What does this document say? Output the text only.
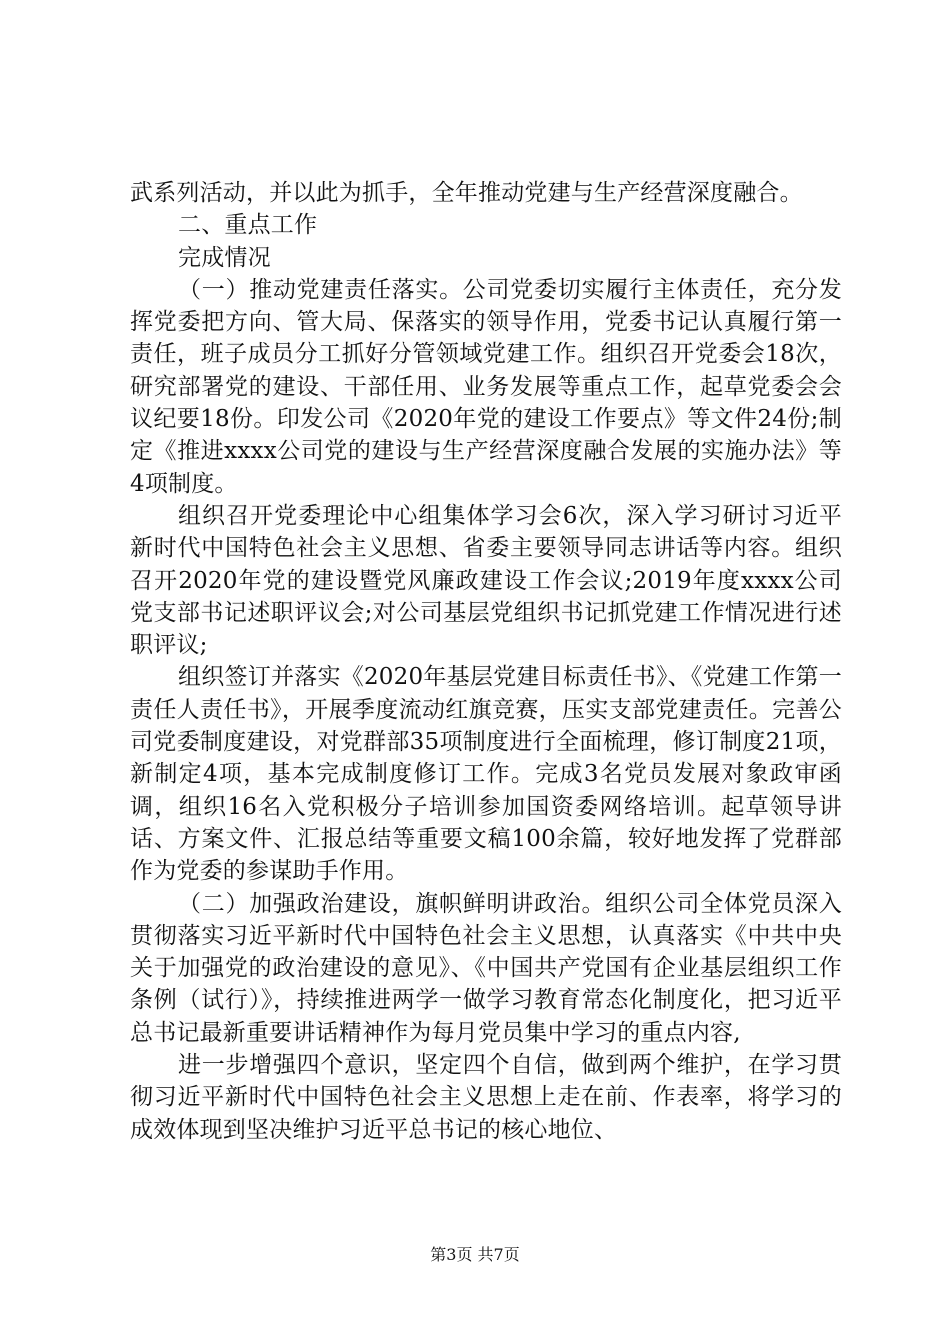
武系列活动，并以此为抓手，全年推动党建与生产经营深度融合。

二、重点工作

完成情况

（一）推动党建责任落实。公司党委切实履行主体责任，充分发挥党委把方向、管大局、保落实的领导作用，党委书记认真履行第一责任，班子成员分工抓好分管领域党建工作。组织召开党委会18次，研究部署党的建设、干部任用、业务发展等重点工作，起草党委会会议纪要18份。印发公司《2020年党的建设工作要点》等文件24份;制定《推进xxxx公司党的建设与生产经营深度融合发展的实施办法》等4项制度。

组织召开党委理论中心组集体学习会6次，深入学习研讨习近平新时代中国特色社会主义思想、省委主要领导同志讲话等内容。组织召开2020年党的建设暨党风廉政建设工作会议;2019年度xxxx公司党支部书记述职评议会;对公司基层党组织书记抓党建工作情况进行述职评议;

组织签订并落实《2020年基层党建目标责任书》、《党建工作第一责任人责任书》，开展季度流动红旗竞赛，压实支部党建责任。完善公司党委制度建设，对党群部35项制度进行全面梳理，修订制度21项，新制定4项，基本完成制度修订工作。完成3名党员发展对象政审函调，组织16名入党积极分子培训参加国资委网络培训。起草领导讲话、方案文件、汇报总结等重要文稿100余篇，较好地发挥了党群部作为党委的参谋助手作用。

（二）加强政治建设，旗帜鲜明讲政治。组织公司全体党员深入贯彻落实习近平新时代中国特色社会主义思想，认真落实《中共中央关于加强党的政治建设的意见》、《中国共产党国有企业基层组织工作条例（试行）》，持续推进两学一做学习教育常态化制度化，把习近平总书记最新重要讲话精神作为每月党员集中学习的重点内容,

进一步增强四个意识，坚定四个自信，做到两个维护，在学习贯彻习近平新时代中国特色社会主义思想上走在前、作表率，将学习的成效体现到坚决维护习近平总书记的核心地位、

第3页 共7页
